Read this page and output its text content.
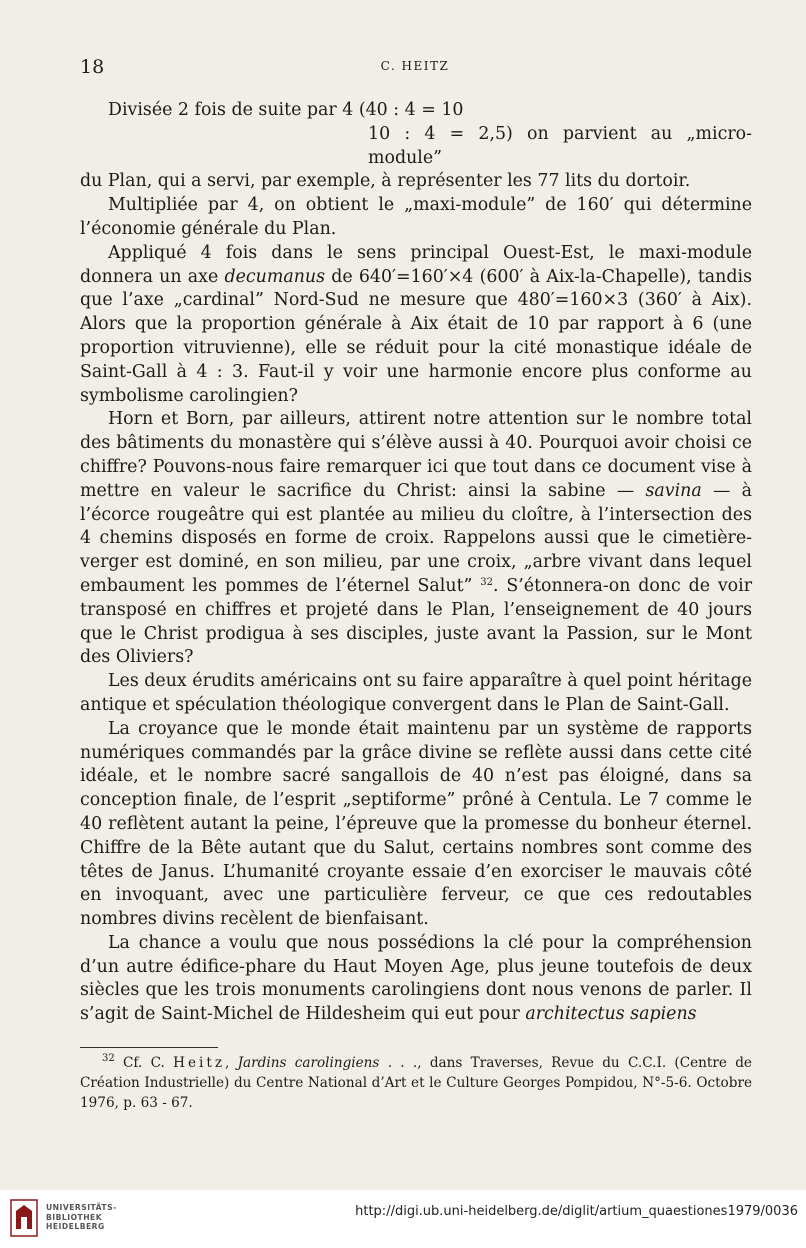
18	C. HEITZ

Divisée 2 fois de suite par 4 (40 : 4 = 10
10 : 4 = 2,5) on parvient au „micro-module”
du Plan, qui a servi, par exemple, à représenter les 77 lits du dortoir.

Multipliée par 4, on obtient le „maxi-module” de 160′ qui détermine l’économie générale du Plan.

Appliqué 4 fois dans le sens principal Ouest-Est, le maxi-module donnera un axe decumanus de 640′=160′×4 (600′ à Aix-la-Chapelle), tandis que l’axe „cardinal” Nord-Sud ne mesure que 480′=160×3 (360′ à Aix). Alors que la proportion générale à Aix était de 10 par rapport à 6 (une proportion vitruvienne), elle se réduit pour la cité monastique idéale de Saint-Gall à 4 : 3. Faut-il y voir une harmonie encore plus conforme au symbolisme carolingien?

Horn et Born, par ailleurs, attirent notre attention sur le nombre total des bâtiments du monastère qui s’élève aussi à 40. Pourquoi avoir choisi ce chiffre? Pouvons-nous faire remarquer ici que tout dans ce document vise à mettre en valeur le sacrifice du Christ: ainsi la sabine — savina — à l’écorce rougeâtre qui est plantée au milieu du cloître, à l’intersection des 4 chemins disposés en forme de croix. Rappelons aussi que le cimetière-verger est dominé, en son milieu, par une croix, „arbre vivant dans lequel embaument les pommes de l’éternel Salut” $^{32}$. S’étonnera-on donc de voir transposé en chiffres et projeté dans le Plan, l’enseignement de 40 jours que le Christ prodigua à ses disciples, juste avant la Passion, sur le Mont des Oliviers?

Les deux érudits américains ont su faire apparaître à quel point héritage antique et spéculation théologique convergent dans le Plan de Saint-Gall.

La croyance que le monde était maintenu par un système de rapports numériques commandés par la grâce divine se reflète aussi dans cette cité idéale, et le nombre sacré sangallois de 40 n’est pas éloigné, dans sa conception finale, de l’esprit „septiforme” prôné à Centula. Le 7 comme le 40 reflètent autant la peine, l’épreuve que la promesse du bonheur éternel. Chiffre de la Bête autant que du Salut, certains nombres sont comme des têtes de Janus. L’humanité croyante essaie d’en exorciser le mauvais côté en invoquant, avec une particulière ferveur, ce que ces redoutables nombres divins recèlent de bienfaisant.

La chance a voulu que nous possédions la clé pour la compréhension d’un autre édifice-phare du Haut Moyen Age, plus jeune toutefois de deux siècles que les trois monuments carolingiens dont nous venons de parler. Il s’agit de Saint-Michel de Hildesheim qui eut pour architectus sapiens

$^{32}$ Cf. C. Heitz, Jardins carolingiens . . ., dans Traverses, Revue du C.C.I. (Centre de Création Industrielle) du Centre National d’Art et le Culture Georges Pompidou, N°-5-6. Octobre 1976, p. 63 - 67.
UNIVERSITÄTS-
BIBLIOTHEK
HEIDELBERG
http://digi.ub.uni-heidelberg.de/diglit/artium_quaestiones1979/0036
